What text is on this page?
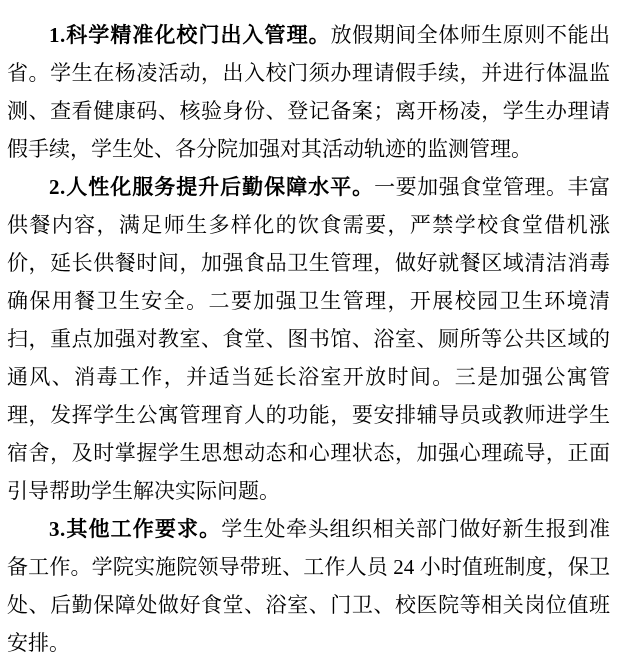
1.科学精准化校门出入管理。放假期间全体师生原则不能出省。学生在杨凌活动，出入校门须办理请假手续，并进行体温监测、查看健康码、核验身份、登记备案；离开杨凌，学生办理请假手续，学生处、各分院加强对其活动轨迹的监测管理。

2.人性化服务提升后勤保障水平。一要加强食堂管理。丰富供餐内容，满足师生多样化的饮食需要，严禁学校食堂借机涨价，延长供餐时间，加强食品卫生管理，做好就餐区域清洁消毒确保用餐卫生安全。二要加强卫生管理，开展校园卫生环境清扫，重点加强对教室、食堂、图书馆、浴室、厕所等公共区域的通风、消毒工作，并适当延长浴室开放时间。三是加强公寓管理，发挥学生公寓管理育人的功能，要安排辅导员或教师进学生宿舍，及时掌握学生思想动态和心理状态，加强心理疏导，正面引导帮助学生解决实际问题。

3.其他工作要求。学生处牵头组织相关部门做好新生报到准备工作。学院实施院领导带班、工作人员 24 小时值班制度，保卫处、后勤保障处做好食堂、浴室、门卫、校医院等相关岗位值班安排。
